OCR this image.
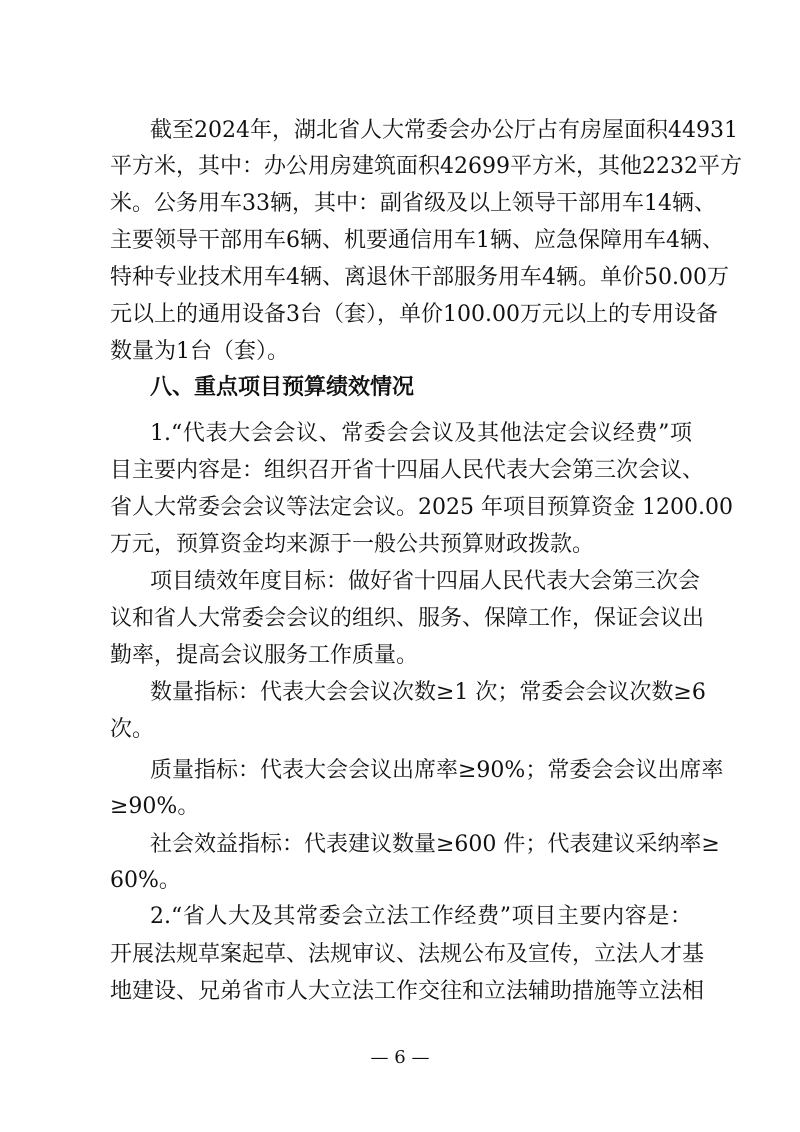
截至2024年，湖北省人大常委会办公厅占有房屋面积44931
平方米，其中：办公用房建筑面积42699平方米，其他2232平方
米。公务用车33辆，其中：副省级及以上领导干部用车14辆、
主要领导干部用车6辆、机要通信用车1辆、应急保障用车4辆、
特种专业技术用车4辆、离退休干部服务用车4辆。单价50.00万
元以上的通用设备3台（套），单价100.00万元以上的专用设备
数量为1台（套）。
八、重点项目预算绩效情况
1.“代表大会会议、常委会会议及其他法定会议经费”项
目主要内容是：组织召开省十四届人民代表大会第三次会议、
省人大常委会会议等法定会议。2025 年项目预算资金 1200.00
万元，预算资金均来源于一般公共预算财政拨款。
项目绩效年度目标：做好省十四届人民代表大会第三次会
议和省人大常委会会议的组织、服务、保障工作，保证会议出
勤率，提高会议服务工作质量。
数量指标：代表大会会议次数≥1 次；常委会会议次数≥6
次。
质量指标：代表大会会议出席率≥90%；常委会会议出席率
≥90%。
社会效益指标：代表建议数量≥600 件；代表建议采纳率≥
60%。
2.“省人大及其常委会立法工作经费”项目主要内容是：
开展法规草案起草、法规审议、法规公布及宣传，立法人才基
地建设、兄弟省市人大立法工作交往和立法辅助措施等立法相
— 6 —
